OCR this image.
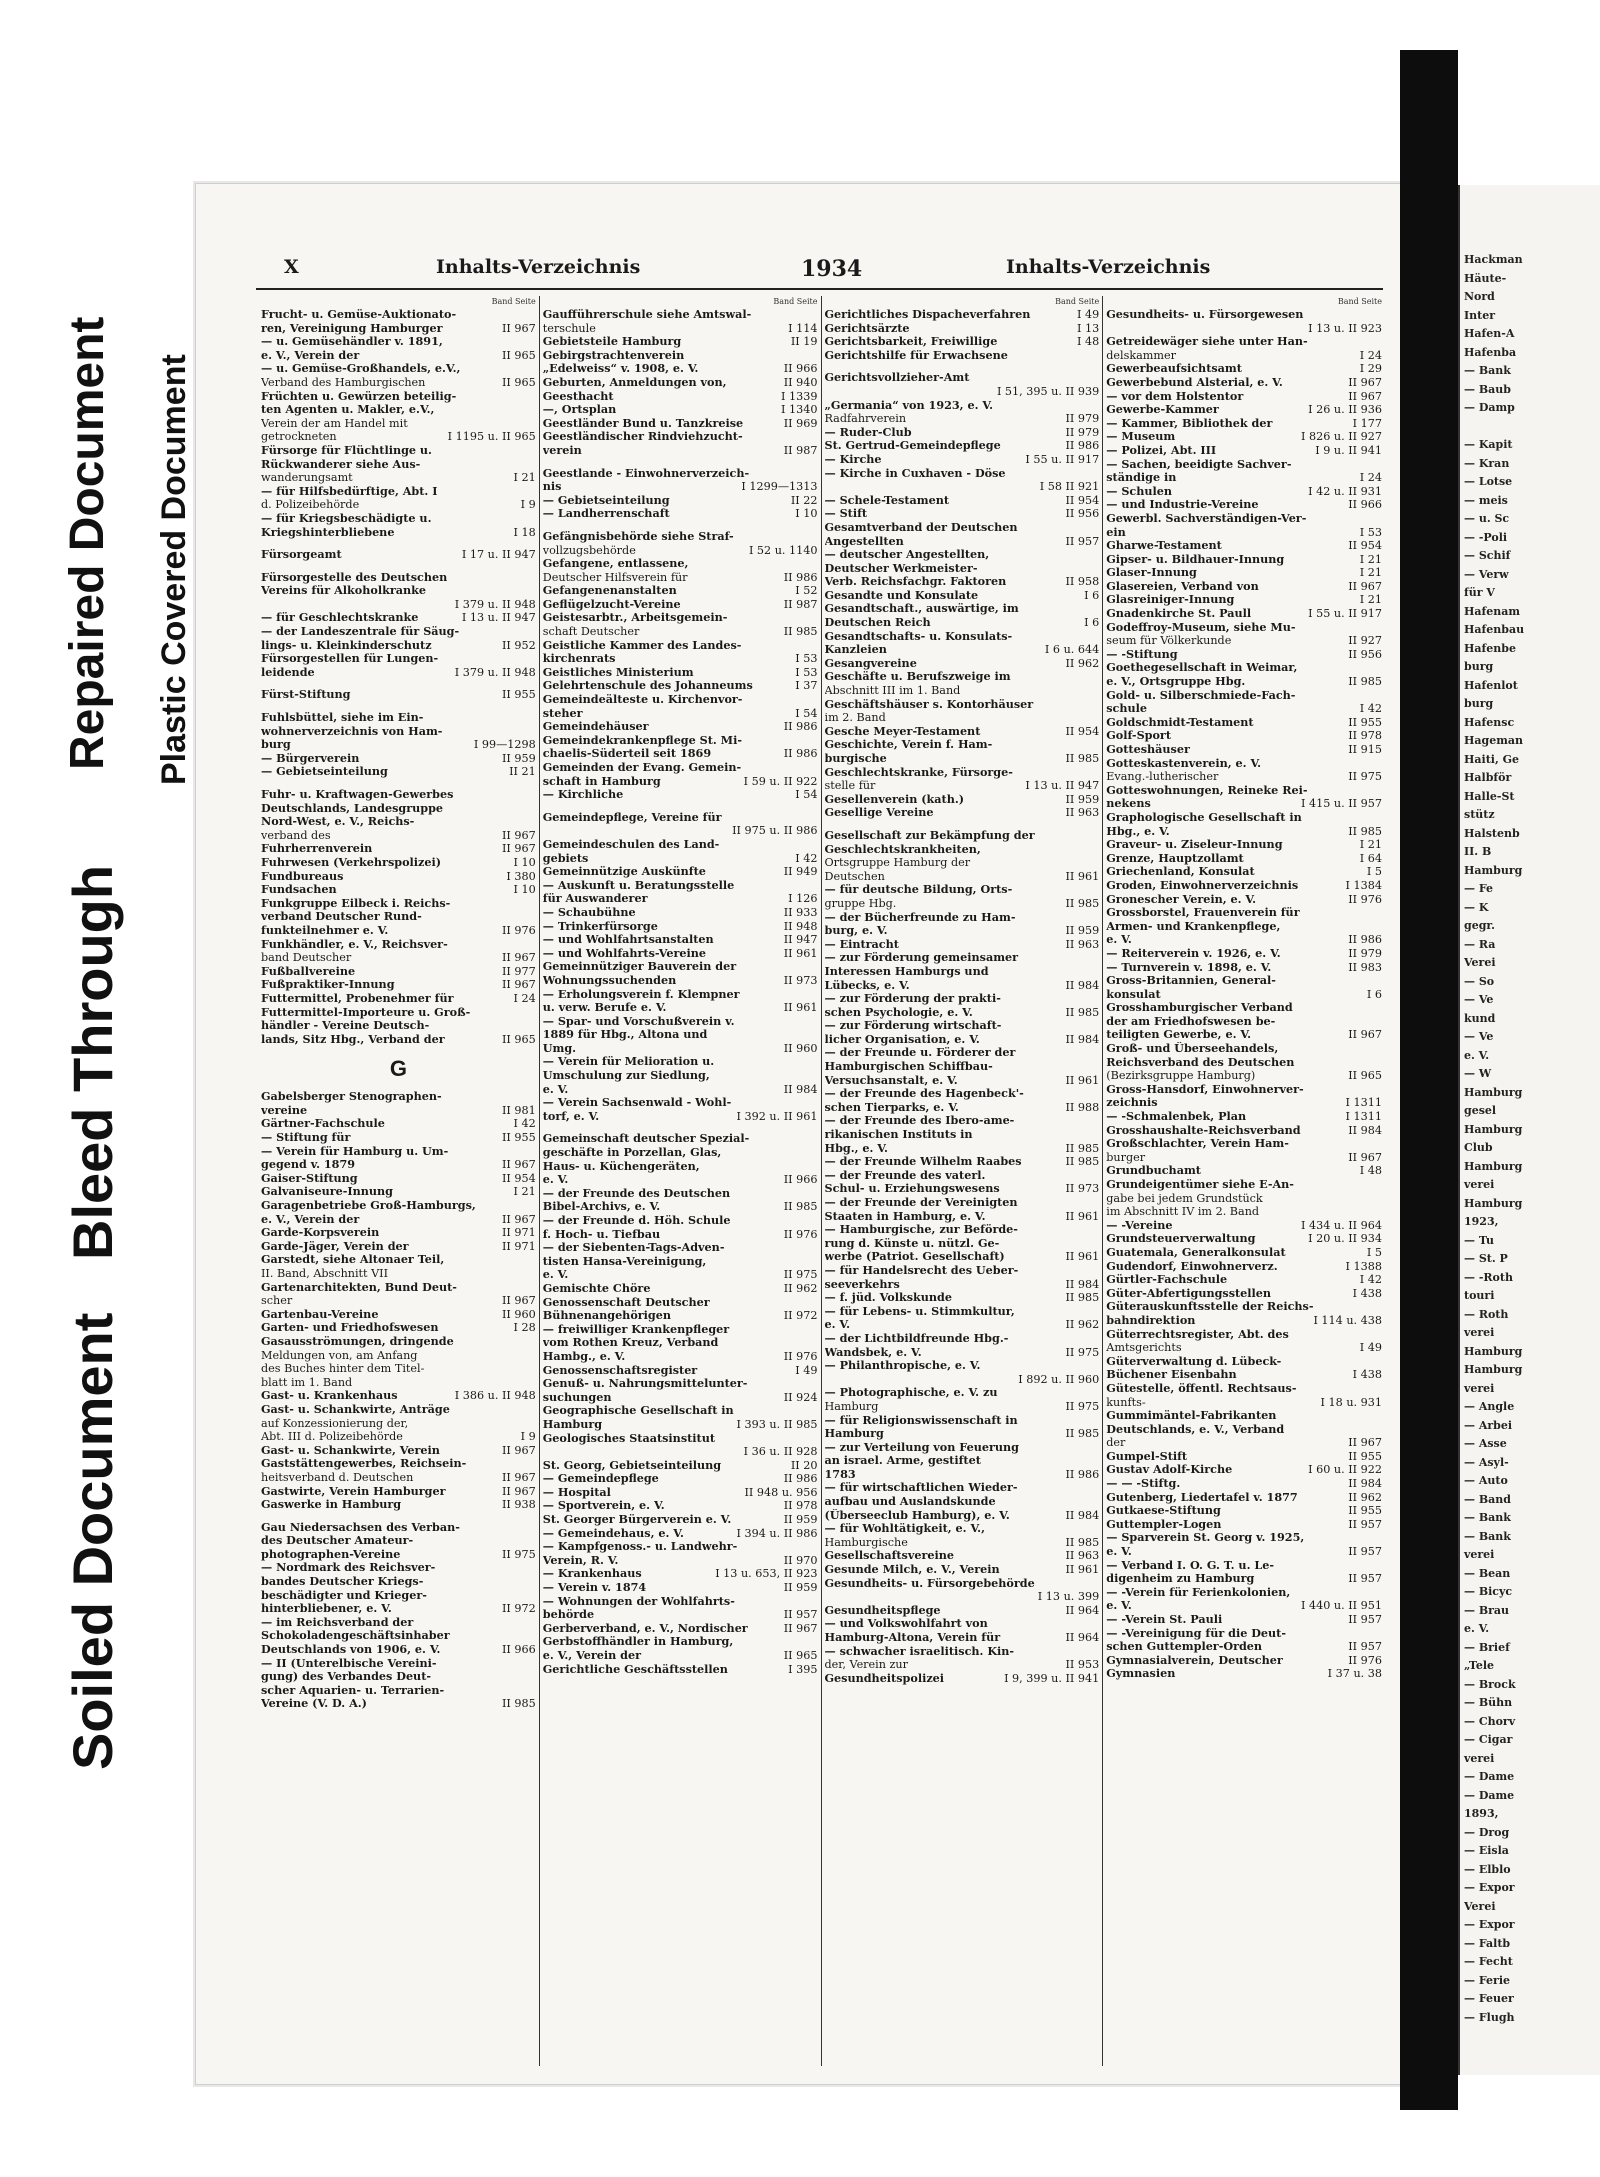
Soiled Document
Bleed Through
Repaired Document Plastic Covered Document
X	Inhalts-Verzeichnis	1934	Inhalts-Verzeichnis
Band Seite
Frucht- u. Gemüse-Auktionato-
ren, Vereinigung Hamburger	II 967
— u. Gemüsehändler v. 1891,
e. V., Verein der	II 965
— u. Gemüse-Großhandels, e.V.,
Verband des Hamburgischen	II 965
Früchten u. Gewürzen beteilig-
ten Agenten u. Makler, e.V.,
Verein der am Handel mit
getrockneten	I 1195 u. II 965
Fürsorge für Flüchtlinge u.
Rückwanderer siehe Aus-
wanderungsamt	I 21
— für Hilfsbedürftige, Abt. I
d. Polizeibehörde	I 9
— für Kriegsbeschädigte u.
Kriegshinterbliebene	I 18
Fürsorgeamt	I 17 u. II 947
Fürsorgestelle des Deutschen
Vereins für Alkoholkranke
I 379 u. II 948
— für Geschlechtskranke	I 13 u. II 947
— der Landeszentrale für Säug-
lings- u. Kleinkinderschutz	II 952
Fürsorgestellen für Lungen-
leidende	I 379 u. II 948
Fürst-Stiftung	II 955
Fuhlsbüttel, siehe im Ein-
wohnerverzeichnis von Ham-
burg	I 99—1298
— Bürgerverein	II 959
— Gebietseinteilung	II 21
Fuhr- u. Kraftwagen-Gewerbes
Deutschlands, Landesgruppe
Nord-West, e. V., Reichs-
verband des	II 967
Fuhrherrenverein	II 967
Fuhrwesen (Verkehrspolizei)	I 10
Fundbureaus	I 380
Fundsachen	I 10
Funkgruppe Eilbeck i. Reichs-
verband Deutscher Rund-
funkteilnehmer e. V.	II 976
Funkhändler, e. V., Reichsver-
band Deutscher	II 967
Fußballvereine	II 977
Fußpraktiker-Innung	II 967
Futtermittel, Probenehmer für	I 24
Futtermittel-Importeure u. Groß-
händler - Vereine Deutsch-
lands, Sitz Hbg., Verband der	II 965
G
Gabelsberger Stenographen-
vereine	II 981
Gärtner-Fachschule	I 42
— Stiftung für	II 955
— Verein für Hamburg u. Um-
gegend v. 1879	II 967
Gaiser-Stiftung	II 954
Galvaniseure-Innung	I 21
Garagenbetriebe Groß-Hamburgs,
e. V., Verein der	II 967
Garde-Korpsverein	II 971
Garde-Jäger, Verein der	II 971
Garstedt, siehe Altonaer Teil,
II. Band, Abschnitt VII
Gartenarchitekten, Bund Deut-
scher	II 967
Gartenbau-Vereine	II 960
Garten- und Friedhofswesen	I 28
Gasausströmungen, dringende
Meldungen von, am Anfang
des Buches hinter dem Titel-
blatt im 1. Band
Gast- u. Krankenhaus	I 386 u. II 948
Gast- u. Schankwirte, Anträge
auf Konzessionierung der,
Abt. III d. Polizeibehörde	I 9
Gast- u. Schankwirte, Verein	II 967
Gaststättengewerbes, Reichsein-
heitsverband d. Deutschen	II 967
Gastwirte, Verein Hamburger	II 967
Gaswerke in Hamburg	II 938
Gau Niedersachsen des Verban-
des Deutscher Amateur-
photographen-Vereine	II 975
— Nordmark des Reichsver-
bandes Deutscher Kriegs-
beschädigter und Krieger-
hinterbliebener, e. V.	II 972
— im Reichsverband der
Schokoladengeschäftsinhaber
Deutschlands von 1906, e. V.	II 966
— II (Unterelbische Vereini-
gung) des Verbandes Deut-
scher Aquarien- u. Terrarien-
Vereine (V. D. A.)	II 985
Band Seite
Gaufführerschule siehe Amtswal-
terschule	I 114
Gebietsteile Hamburg	II 19
Gebirgstrachtenverein
„Edelweiss“ v. 1908, e. V.	II 966
Geburten, Anmeldungen von,	II 940
Geesthacht	I 1339
—, Ortsplan	I 1340
Geestländer Bund u. Tanzkreise	II 969
Geestländischer Rindviehzucht-
verein	II 987
Geestlande - Einwohnerverzeich-
nis	I 1299—1313
— Gebietseinteilung	II 22
— Landherrenschaft	I 10
Gefängnisbehörde siehe Straf-
vollzugsbehörde	I 52 u. 1140
Gefangene, entlassene,
Deutscher Hilfsverein für	II 986
Gefangenenanstalten	I 52
Geflügelzucht-Vereine	II 987
Geistesarbtr., Arbeitsgemein-
schaft Deutscher	II 985
Geistliche Kammer des Landes-
kirchenrats	I 53
Geistliches Ministerium	I 53
Gelehrtenschule des Johanneums	I 37
Gemeindeälteste u. Kirchenvor-
steher	I 54
Gemeindehäuser	II 986
Gemeindekrankenpflege St. Mi-
chaelis-Süderteil seit 1869	II 986
Gemeinden der Evang. Gemein-
schaft in Hamburg	I 59 u. II 922
— Kirchliche	I 54
Gemeindepflege, Vereine für
II 975 u. II 986
Gemeindeschulen des Land-
gebiets	I 42
Gemeinnützige Auskünfte	II 949
— Auskunft u. Beratungsstelle
für Auswanderer	I 126
— Schaubühne	II 933
— Trinkerfürsorge	II 948
— und Wohlfahrtsanstalten	II 947
— und Wohlfahrts-Vereine	II 961
Gemeinnütziger Bauverein der
Wohnungssuchenden	II 973
— Erholungsverein f. Klempner
u. verw. Berufe e. V.	II 961
— Spar- und Vorschußverein v.
1889 für Hbg., Altona und
Umg.	II 960
— Verein für Melioration u.
Umschulung zur Siedlung,
e. V.	II 984
— Verein Sachsenwald - Wohl-
torf, e. V.	I 392 u. II 961
Gemeinschaft deutscher Spezial-
geschäfte in Porzellan, Glas,
Haus- u. Küchengeräten,
e. V.	II 966
— der Freunde des Deutschen
Bibel-Archivs, e. V.	II 985
— der Freunde d. Höh. Schule
f. Hoch- u. Tiefbau	II 976
— der Siebenten-Tags-Adven-
tisten Hansa-Vereinigung,
e. V.	II 975
Gemischte Chöre	II 962
Genossenschaft Deutscher
Bühnenangehörigen	II 972
— freiwilliger Krankenpfleger
vom Rothen Kreuz, Verband
Hambg., e. V.	II 976
Genossenschaftsregister	I 49
Genuß- u. Nahrungsmittelunter-
suchungen	II 924
Geographische Gesellschaft in
Hamburg	I 393 u. II 985
Geologisches Staatsinstitut
I 36 u. II 928
St. Georg, Gebietseinteilung	II 20
— Gemeindepflege	II 986
— Hospital	II 948 u. 956
— Sportverein, e. V.	II 978
St. Georger Bürgerverein e. V.	II 959
— Gemeindehaus, e. V.	I 394 u. II 986
— Kampfgenoss.- u. Landwehr-
Verein, R. V.	II 970
— Krankenhaus	I 13 u. 653, II 923
— Verein v. 1874	II 959
— Wohnungen der Wohlfahrts-
behörde	II 957
Gerberverband, e. V., Nordischer	II 967
Gerbstoffhändler in Hamburg,
e. V., Verein der	II 965
Gerichtliche Geschäftsstellen	I 395
Band Seite
Gerichtliches Dispacheverfahren	I 49
Gerichtsärzte	I 13
Gerichtsbarkeit, Freiwillige	I 48
Gerichtshilfe für Erwachsene
Gerichtsvollzieher-Amt
I 51, 395 u. II 939
„Germania“ von 1923, e. V.
Radfahrverein	II 979
— Ruder-Club	II 979
St. Gertrud-Gemeindepflege	II 986
— Kirche	I 55 u. II 917
— Kirche in Cuxhaven - Döse
I 58 II 921
— Schele-Testament	II 954
— Stift	II 956
Gesamtverband der Deutschen
Angestellten	II 957
— deutscher Angestellten,
Deutscher Werkmeister-
Verb. Reichsfachgr. Faktoren	II 958
Gesandte und Konsulate	I 6
Gesandtschaft., auswärtige, im
Deutschen Reich	I 6
Gesandtschafts- u. Konsulats-
Kanzleien	I 6 u. 644
Gesangvereine	II 962
Geschäfte u. Berufszweige im
Abschnitt III im 1. Band
Geschäftshäuser s. Kontorhäuser
im 2. Band
Gesche Meyer-Testament	II 954
Geschichte, Verein f. Ham-
burgische	II 985
Geschlechtskranke, Fürsorge-
stelle für	I 13 u. II 947
Gesellenverein (kath.)	II 959
Gesellige Vereine	II 963
Gesellschaft zur Bekämpfung der
Geschlechtskrankheiten,
Ortsgruppe Hamburg der
Deutschen	II 961
— für deutsche Bildung, Orts-
gruppe Hbg.	II 985
— der Bücherfreunde zu Ham-
burg, e. V.	II 959
— Eintracht	II 963
— zur Förderung gemeinsamer
Interessen Hamburgs und
Lübecks, e. V.	II 984
— zur Förderung der prakti-
schen Psychologie, e. V.	II 985
— zur Förderung wirtschaft-
licher Organisation, e. V.	II 984
— der Freunde u. Förderer der
Hamburgischen Schiffbau-
Versuchsanstalt, e. V.	II 961
— der Freunde des Hagenbeck'-
schen Tierparks, e. V.	II 988
— der Freunde des Ibero-ame-
rikanischen Instituts in
Hbg., e. V.	II 985
— der Freunde Wilhelm Raabes	II 985
— der Freunde des vaterl.
Schul- u. Erziehungswesens	II 973
— der Freunde der Vereinigten
Staaten in Hamburg, e. V.	II 961
— Hamburgische, zur Beförde-
rung d. Künste u. nützl. Ge-
werbe (Patriot. Gesellschaft)	II 961
— für Handelsrecht des Ueber-
seeverkehrs	II 984
— f. jüd. Volkskunde	II 985
— für Lebens- u. Stimmkultur,
e. V.	II 962
— der Lichtbildfreunde Hbg.-
Wandsbek, e. V.	II 975
— Philanthropische, e. V.
I 892 u. II 960
— Photographische, e. V. zu
Hamburg	II 975
— für Religionswissenschaft in
Hamburg	II 985
— zur Verteilung von Feuerung
an israel. Arme, gestiftet
1783	II 986
— für wirtschaftlichen Wieder-
aufbau und Auslandskunde
(Überseeclub Hamburg), e. V.	II 984
— für Wohltätigkeit, e. V.,
Hamburgische	II 985
Gesellschaftsvereine	II 963
Gesunde Milch, e. V., Verein	II 961
Gesundheits- u. Fürsorgebehörde
I 13 u. 399
Gesundheitspflege	II 964
— und Volkswohlfahrt von
Hamburg-Altona, Verein für	II 964
— schwacher israelitisch. Kin-
der, Verein zur	II 953
Gesundheitspolizei	I 9, 399 u. II 941
Band Seite
Gesundheits- u. Fürsorgewesen
I 13 u. II 923
Getreidewäger siehe unter Han-
delskammer	I 24
Gewerbeaufsichtsamt	I 29
Gewerbebund Alsterial, e. V.	II 967
— vor dem Holstentor	II 967
Gewerbe-Kammer	I 26 u. II 936
— Kammer, Bibliothek der	I 177
— Museum	I 826 u. II 927
— Polizei, Abt. III	I 9 u. II 941
— Sachen, beeidigte Sachver-
ständige in	I 24
— Schulen	I 42 u. II 931
— und Industrie-Vereine	II 966
Gewerbl. Sachverständigen-Ver-
ein	I 53
Gharwe-Testament	II 954
Gipser- u. Bildhauer-Innung	I 21
Glaser-Innung	I 21
Glasereien, Verband von	II 967
Glasreiniger-Innung	I 21
Gnadenkirche St. Paull	I 55 u. II 917
Godeffroy-Museum, siehe Mu-
seum für Völkerkunde	II 927
— -Stiftung	II 956
Goethegesellschaft in Weimar,
e. V., Ortsgruppe Hbg.	II 985
Gold- u. Silberschmiede-Fach-
schule	I 42
Goldschmidt-Testament	II 955
Golf-Sport	II 978
Gotteshäuser	II 915
Gotteskastenverein, e. V.
Evang.-lutherischer	II 975
Gotteswohnungen, Reineke Rei-
nekens	I 415 u. II 957
Graphologische Gesellschaft in
Hbg., e. V.	II 985
Graveur- u. Ziseleur-Innung	I 21
Grenze, Hauptzollamt	I 64
Griechenland, Konsulat	I 5
Groden, Einwohnerverzeichnis	I 1384
Gronescher Verein, e. V.	II 976
Grossborstel, Frauenverein für
Armen- und Krankenpflege,
e. V.	II 986
— Reiterverein v. 1926, e. V.	II 979
— Turnverein v. 1898, e. V.	II 983
Gross-Britannien, General-
konsulat	I 6
Grosshamburgischer Verband
der am Friedhofswesen be-
teiligten Gewerbe, e. V.	II 967
Groß- und Überseehandels,
Reichsverband des Deutschen
(Bezirksgruppe Hamburg)	II 965
Gross-Hansdorf, Einwohnerver-
zeichnis	I 1311
— -Schmalenbek, Plan	I 1311
Grosshaushalte-Reichsverband	II 984
Großschlachter, Verein Ham-
burger	II 967
Grundbuchamt	I 48
Grundeigentümer siehe E-An-
gabe bei jedem Grundstück
im Abschnitt IV im 2. Band
— -Vereine	I 434 u. II 964
Grundsteuerverwaltung	I 20 u. II 934
Guatemala, Generalkonsulat	I 5
Gudendorf, Einwohnerverz.	I 1388
Gürtler-Fachschule	I 42
Güter-Abfertigungsstellen	I 438
Güterauskunftsstelle der Reichs-
bahndirektion	I 114 u. 438
Güterrechtsregister, Abt. des
Amtsgerichts	I 49
Güterverwaltung d. Lübeck-
Büchener Eisenbahn	I 438
Gütestelle, öffentl. Rechtsaus-
kunfts-	I 18 u. 931
Gummimäntel-Fabrikanten
Deutschlands, e. V., Verband
der	II 967
Gumpel-Stift	II 955
Gustav Adolf-Kirche	I 60 u. II 922
— — -Stiftg.	II 984
Gutenberg, Liedertafel v. 1877	II 962
Gutkaese-Stiftung	II 955
Guttempler-Logen	II 957
— Sparverein St. Georg v. 1925,
e. V.	II 957
— Verband I. O. G. T. u. Le-
digenheim zu Hamburg	II 957
— -Verein für Ferienkolonien,
e. V.	I 440 u. II 951
— -Verein St. Pauli	II 957
— -Vereinigung für die Deut-
schen Guttempler-Orden	II 957
Gymnasialverein, Deutscher	II 976
Gymnasien	I 37 u. 38
Hackman
Häute-
Nord
Inter
Hafen-A
Hafenba
— Bank
— Baub
— Damp

— Kapit
— Kran
— Lotse
— meis
— u. Sc
— -Poli
— Schif
— Verw
für V
Hafenam
Hafenbau
Hafenbe
burg
Hafenlot
burg
Hafensc
Hageman
Haiti, Ge
Halbför
Halle-St
stütz
Halstenb
II. B
Hamburg
— Fe
— K
gegr.
— Ra
Verei
— So
— Ve
kund
— Ve
e. V.
— W
Hamburg
gesel
Hamburg
Club
Hamburg
verei
Hamburg
1923,
— Tu
— St. P
— -Roth
touri
— Roth
verei
Hamburg
Hamburg
verei
— Angle
— Arbei
— Asse
— Asyl-
— Auto
— Band
— Bank
— Bank
verei
— Bean
— Bicyc
— Brau
e. V.
— Brief
„Tele
— Brock
— Bühn
— Chorv
— Cigar
verei
— Dame
— Dame
1893,
— Drog
— Eisla
— Elblo
— Expor
Verei
— Expor
— Faltb
— Fecht
— Ferie
— Feuer
— Flugh
